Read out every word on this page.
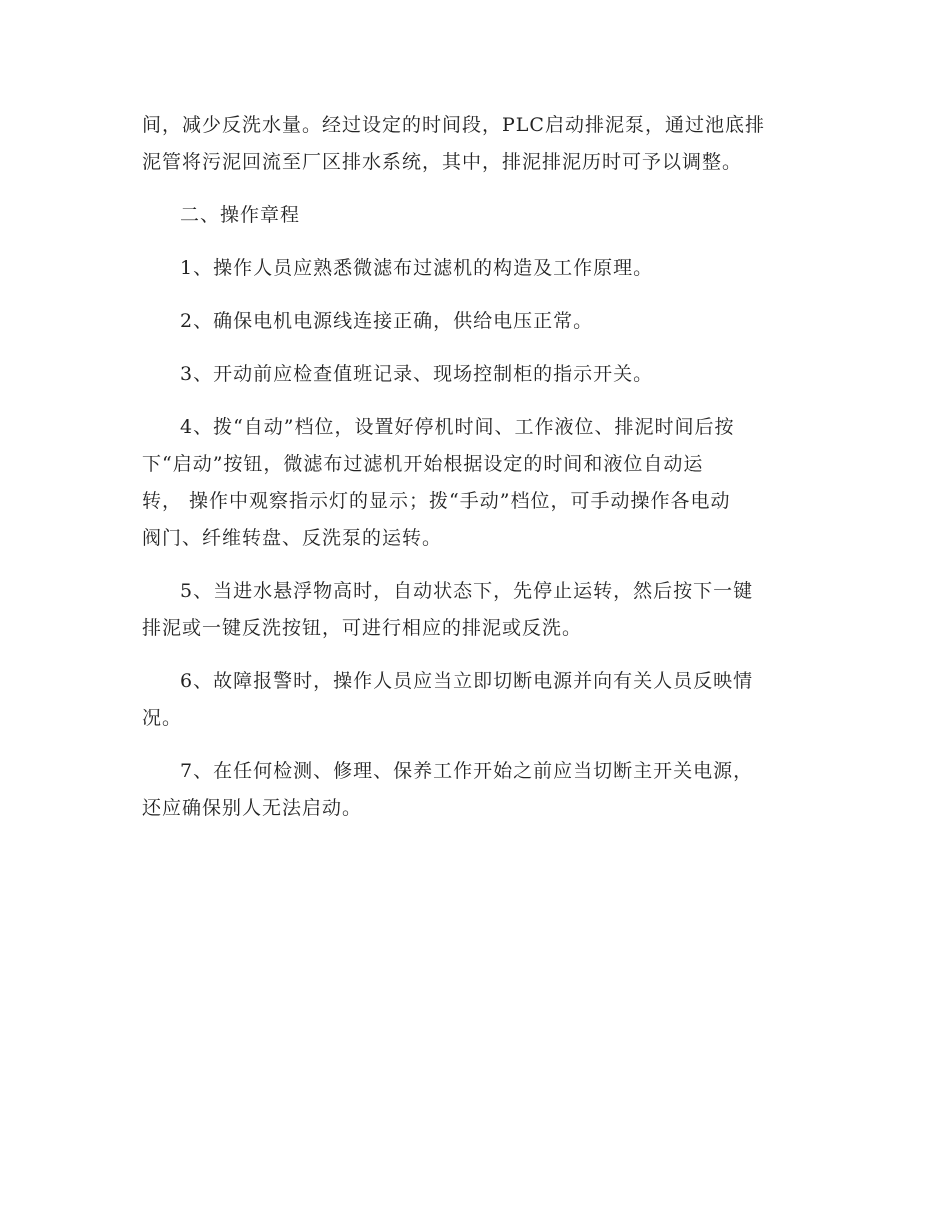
间，减少反洗水量。经过设定的时间段，PLC启动排泥泵，通过池底排
泥管将污泥回流至厂区排水系统，其中，排泥排泥历时可予以调整。

二、操作章程

1、操作人员应熟悉微滤布过滤机的构造及工作原理。

2、确保电机电源线连接正确，供给电压正常。

3、开动前应检查值班记录、现场控制柜的指示开关。

4、拨“自动”档位，设置好停机时间、工作液位、排泥时间后按
下“启动”按钮，微滤布过滤机开始根据设定的时间和液位自动运
转， 操作中观察指示灯的显示；拨“手动”档位，可手动操作各电动
阀门、纤维转盘、反洗泵的运转。

5、当进水悬浮物高时，自动状态下，先停止运转，然后按下一键
排泥或一键反洗按钮，可进行相应的排泥或反洗。

6、故障报警时，操作人员应当立即切断电源并向有关人员反映情
况。

7、在任何检测、修理、保养工作开始之前应当切断主开关电源，
还应确保别人无法启动。
